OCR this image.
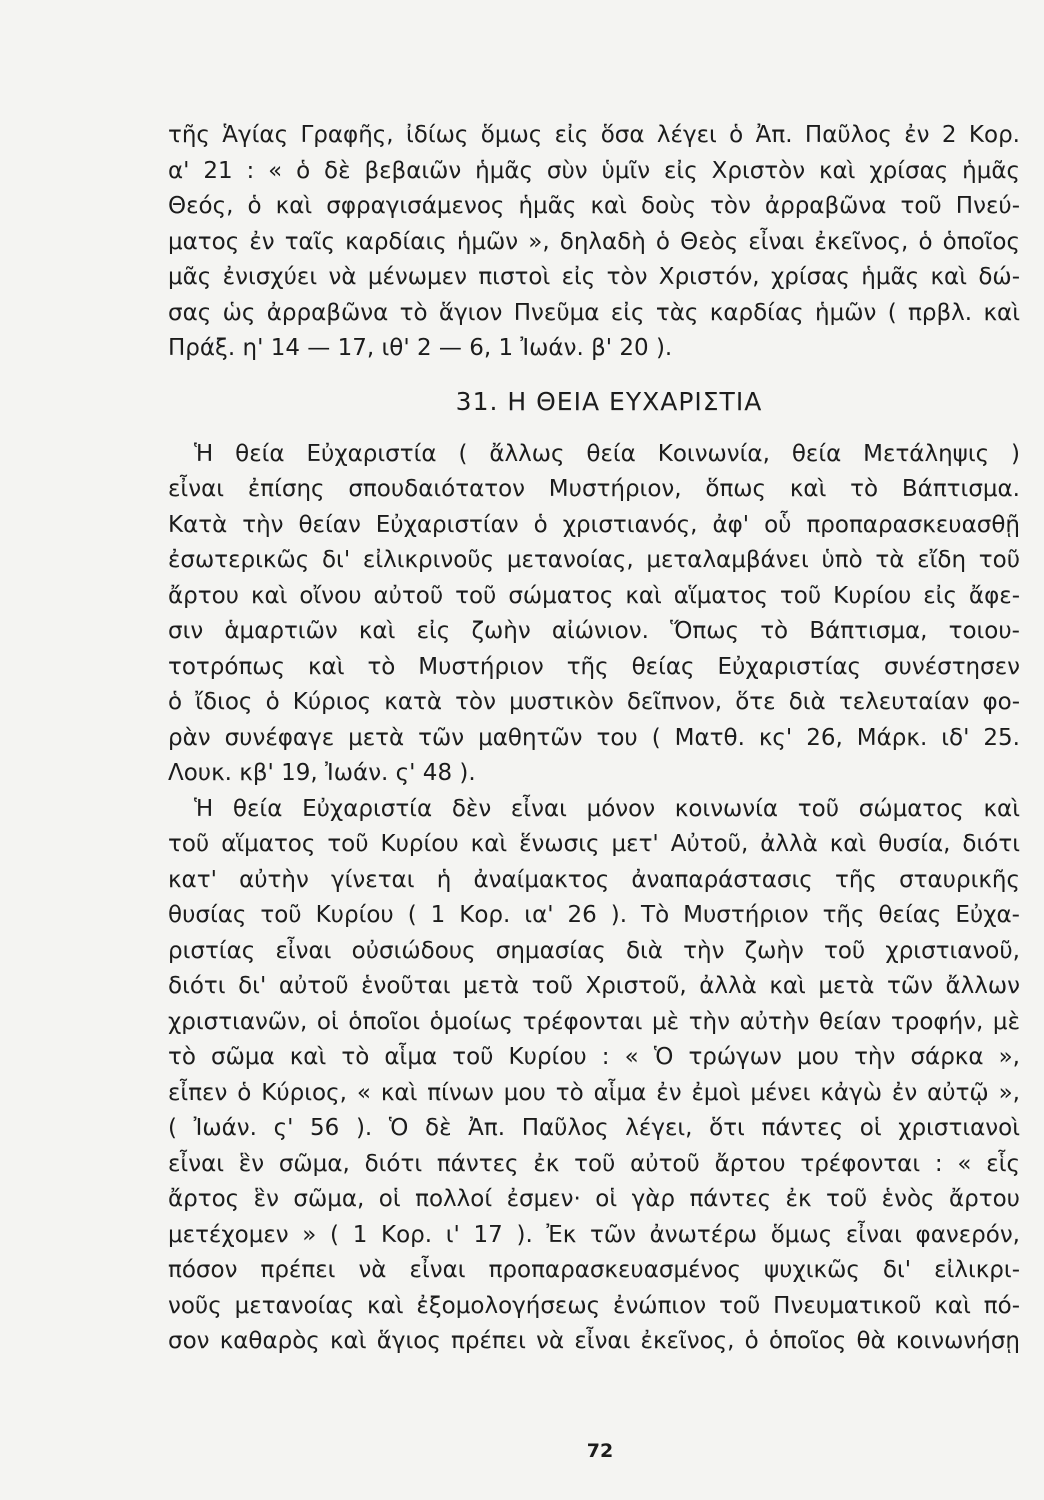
τῆς Ἁγίας Γραφῆς, ἰδίως ὅμως εἰς ὅσα λέγει ὁ Ἀπ. Παῦλος ἐν 2 Κορ.
α' 21 : « ὁ δὲ βεβαιῶν ἡμᾶς σὺν ὑμῖν εἰς Χριστὸν καὶ χρίσας ἡμᾶς
Θεός, ὁ καὶ σφραγισάμενος ἡμᾶς καὶ δοὺς τὸν ἀρραβῶνα τοῦ Πνεύ-
ματος ἐν ταῖς καρδίαις ἡμῶν », δηλαδὴ ὁ Θεὸς εἶναι ἐκεῖνος, ὁ ὁποῖος
μᾶς ἐνισχύει νὰ μένωμεν πιστοὶ εἰς τὸν Χριστόν, χρίσας ἡμᾶς καὶ δώ-
σας ὡς ἀρραβῶνα τὸ ἅγιον Πνεῦμα εἰς τὰς καρδίας ἡμῶν ( πρβλ. καὶ
Πράξ. η' 14 — 17, ιθ' 2 — 6, 1 Ἰωάν. β' 20 ).
31. Η ΘΕΙΑ ΕΥΧΑΡΙΣΤΙΑ
Ἡ θεία Εὐχαριστία ( ἄλλως θεία Κοινωνία, θεία Μετάληψις )
εἶναι ἐπίσης σπουδαιότατον Μυστήριον, ὅπως καὶ τὸ Βάπτισμα.
Κατὰ τὴν θείαν Εὐχαριστίαν ὁ χριστιανός, ἀφ' οὗ προπαρασκευασθῇ
ἐσωτερικῶς δι' εἰλικρινοῦς μετανοίας, μεταλαμβάνει ὑπὸ τὰ εἴδη τοῦ
ἄρτου καὶ οἴνου αὐτοῦ τοῦ σώματος καὶ αἵματος τοῦ Κυρίου εἰς ἄφε-
σιν ἁμαρτιῶν καὶ εἰς ζωὴν αἰώνιον. Ὅπως τὸ Βάπτισμα, τοιου-
τοτρόπως καὶ τὸ Μυστήριον τῆς θείας Εὐχαριστίας συνέστησεν
ὁ ἴδιος ὁ Κύριος κατὰ τὸν μυστικὸν δεῖπνον, ὅτε διὰ τελευταίαν φο-
ρὰν συνέφαγε μετὰ τῶν μαθητῶν του ( Ματθ. κς' 26, Μάρκ. ιδ' 25.
Λουκ. κβ' 19, Ἰωάν. ς' 48 ).
Ἡ θεία Εὐχαριστία δὲν εἶναι μόνον κοινωνία τοῦ σώματος καὶ
τοῦ αἵματος τοῦ Κυρίου καὶ ἕνωσις μετ' Αὐτοῦ, ἀλλὰ καὶ θυσία, διότι
κατ' αὐτὴν γίνεται ἡ ἀναίμακτος ἀναπαράστασις τῆς σταυρικῆς
θυσίας τοῦ Κυρίου ( 1 Κορ. ια' 26 ). Τὸ Μυστήριον τῆς θείας Εὐχα-
ριστίας εἶναι οὐσιώδους σημασίας διὰ τὴν ζωὴν τοῦ χριστιανοῦ,
διότι δι' αὐτοῦ ἑνοῦται μετὰ τοῦ Χριστοῦ, ἀλλὰ καὶ μετὰ τῶν ἄλλων
χριστιανῶν, οἱ ὁποῖοι ὁμοίως τρέφονται μὲ τὴν αὐτὴν θείαν τροφήν, μὲ
τὸ σῶμα καὶ τὸ αἷμα τοῦ Κυρίου : « Ὁ τρώγων μου τὴν σάρκα »,
εἶπεν ὁ Κύριος, « καὶ πίνων μου τὸ αἷμα ἐν ἐμοὶ μένει κἀγὼ ἐν αὐτῷ »,
( Ἰωάν. ς' 56 ). Ὁ δὲ Ἀπ. Παῦλος λέγει, ὅτι πάντες οἱ χριστιανοὶ
εἶναι ἓν σῶμα, διότι πάντες ἐκ τοῦ αὐτοῦ ἄρτου τρέφονται : « εἷς
ἄρτος ἓν σῶμα, οἱ πολλοί ἐσμεν· οἱ γὰρ πάντες ἐκ τοῦ ἑνὸς ἄρτου
μετέχομεν » ( 1 Κορ. ι' 17 ). Ἐκ τῶν ἀνωτέρω ὅμως εἶναι φανερόν,
πόσον πρέπει νὰ εἶναι προπαρασκευασμένος ψυχικῶς δι' εἰλικρι-
νοῦς μετανοίας καὶ ἐξομολογήσεως ἐνώπιον τοῦ Πνευματικοῦ καὶ πό-
σον καθαρὸς καὶ ἅγιος πρέπει νὰ εἶναι ἐκεῖνος, ὁ ὁποῖος θὰ κοινωνήσῃ
72
